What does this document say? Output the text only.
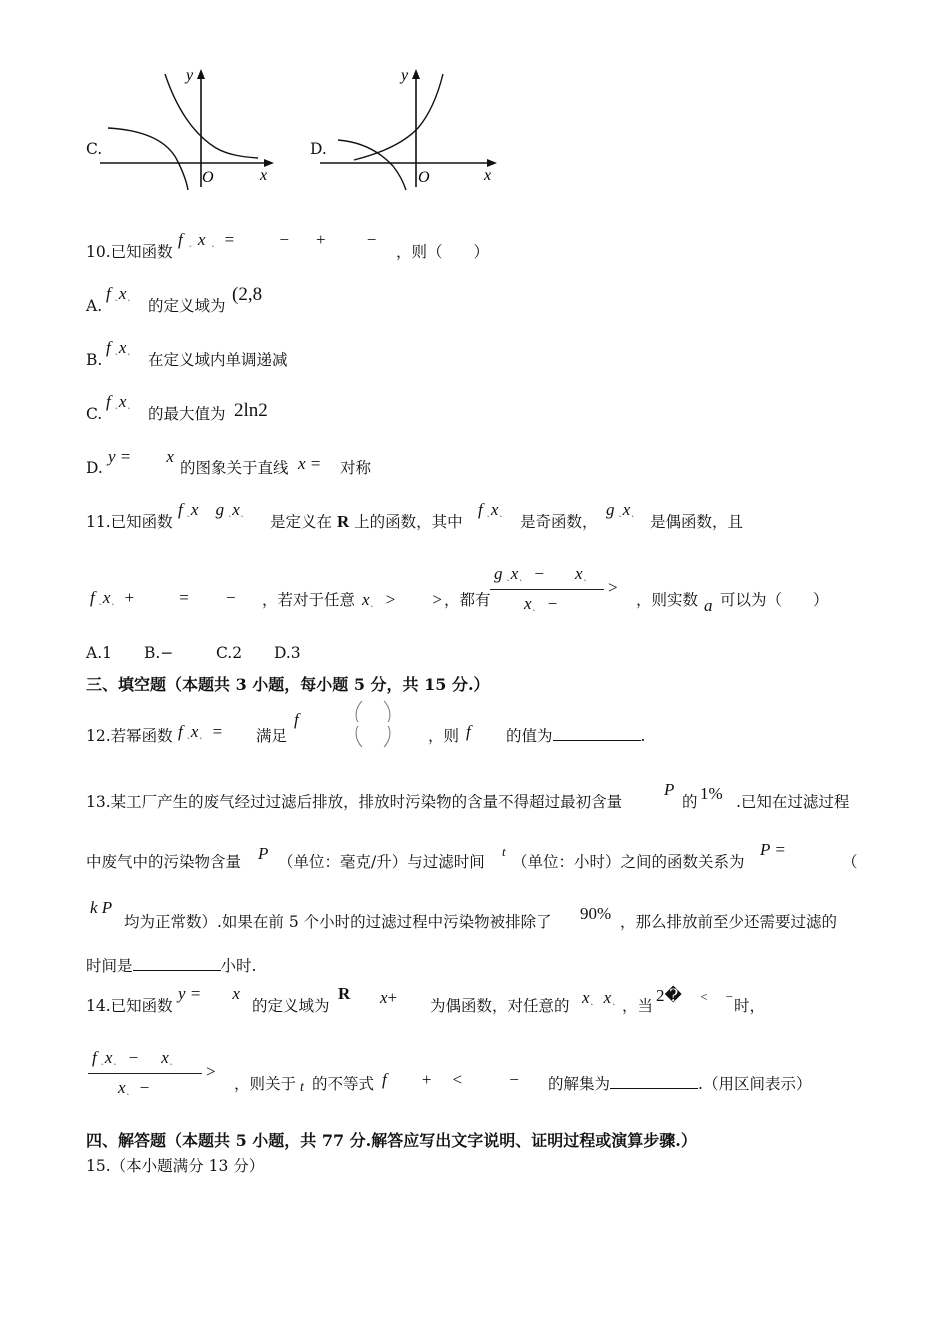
C.
y
x
O
D.
y
x
O
10.已知函数
f ˛ x ˛ =	− + −
，则（　　）
A.
f ˛x˛
的定义域为
(2,8
B.
f ˛x˛
在定义域内单调递减
C.
f ˛x˛
的最大值为 2ln2
D.
y = x
的图象关于直线 x = 对称
11.已知函数
f ˛x g ˛x˛
是定义在 R 上的函数，其中
f ˛x˛
是奇函数，
g ˛x˛
是偶函数，且
f ˛x˛ +	= − ，若对于任意 x˛ > > ，都有
g ˛x˛ − x˛
x˛ −
>
，则实数 a 可以为（　　）
A.1 B.−	C.2 D.3
三、填空题（本题共 3 小题，每小题 5 分，共 15 分.）
12.若幂函数 f ˛x˛ = 满足
f
，则 f 的值为	.
13.某工厂产生的废气经过过滤后排放，排放时污染物的含量不得超过最初含量
P
的 1% .已知在过滤过程
中废气中的污染物含量 P （单位：毫克/升）与过滤时间
t
（单位：小时）之间的函数关系为
P =
（
k P
均为正常数）.如果在前 5 个小时的过滤过程中污染物被排除了 90% ，那么排放前至少还需要过滤的
时间是	小时.
14.已知函数
y = x
的定义域为
R x+ 为偶函数，对任意的 x˛ x˛ ，当
2� < −
时，
f ˛x˛ − x˛
x˛ −
>
，则关于 t 的不等式 f + <	− 的解集为	.（用区间表示）
四、解答题（本题共 5 小题，共 77 分.解答应写出文字说明、证明过程或演算步骤.）
15.（本小题满分 13 分）
